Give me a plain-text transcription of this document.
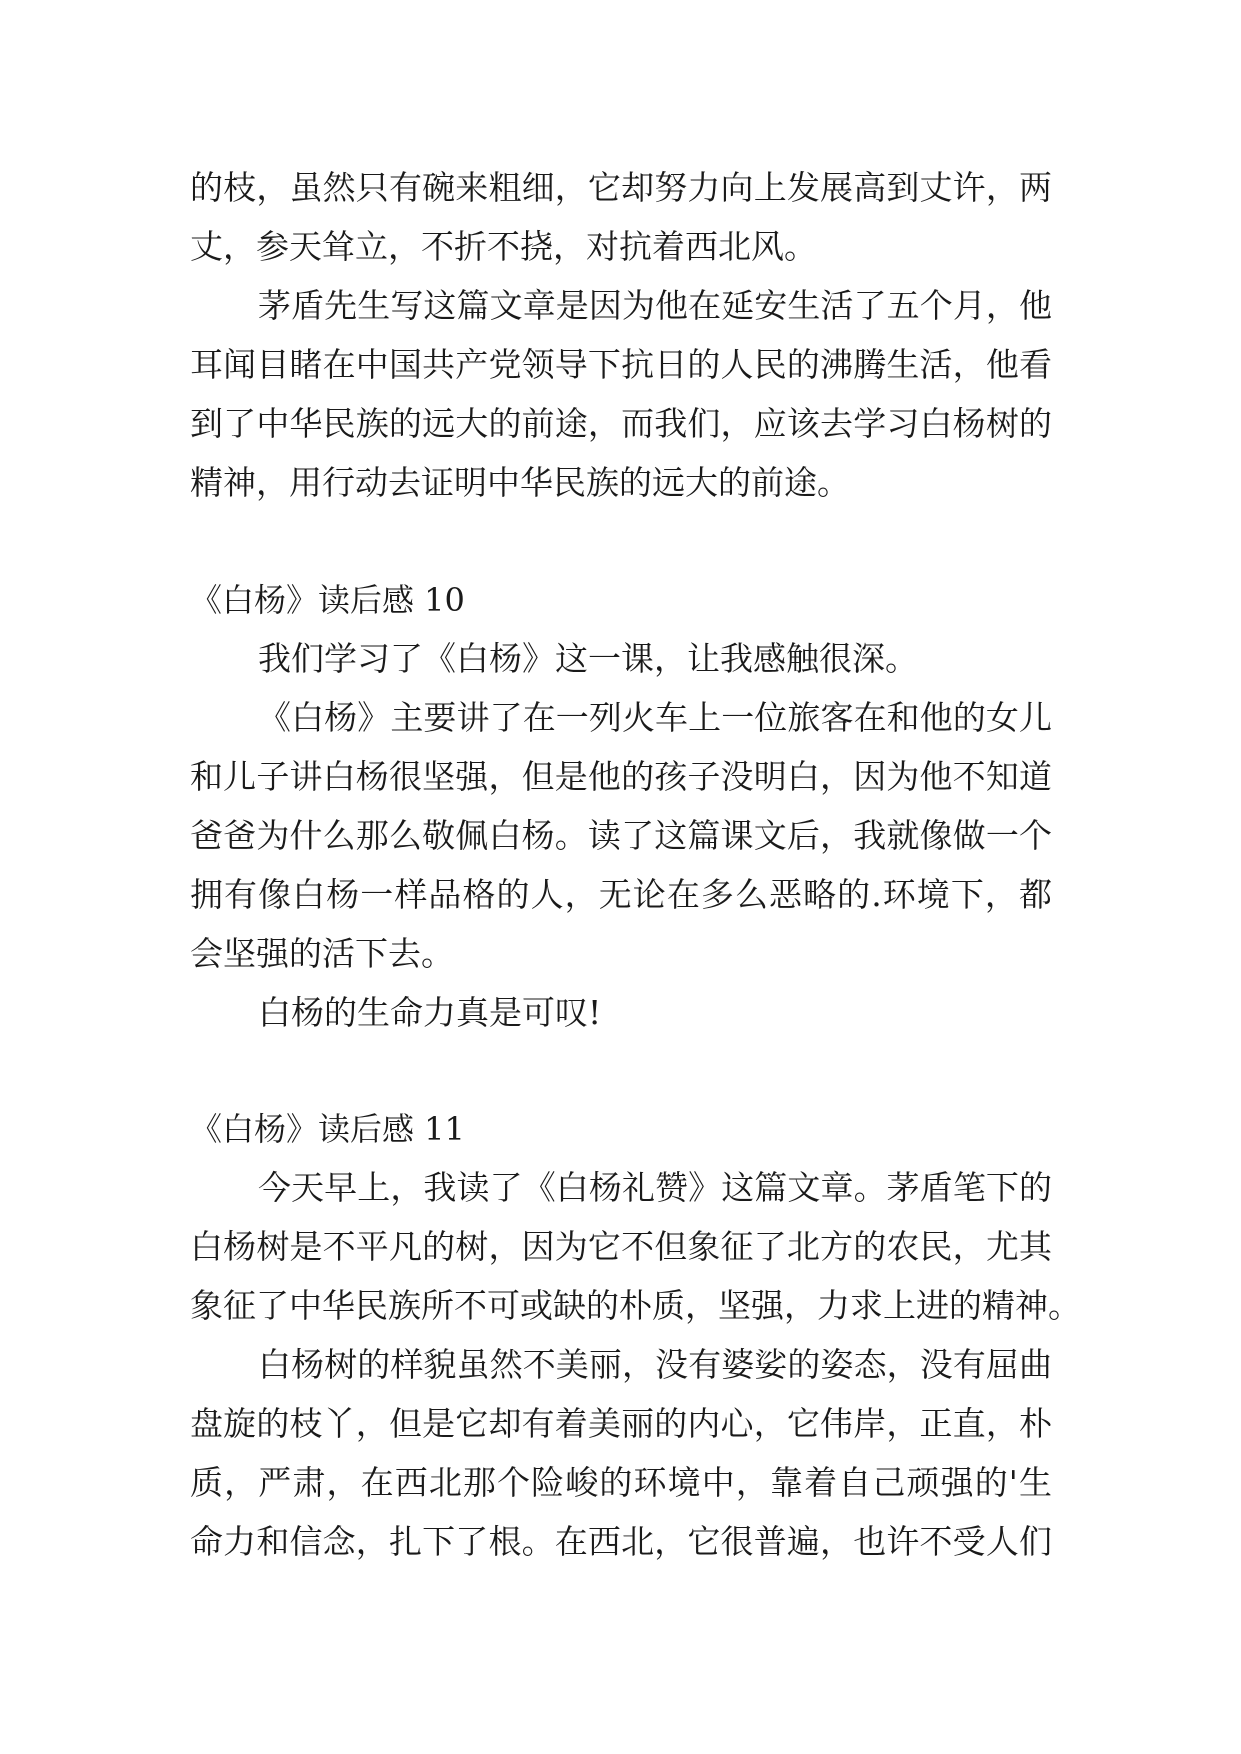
的枝，虽然只有碗来粗细，它却努力向上发展高到丈许，两
丈，参天耸立，不折不挠，对抗着西北风。
茅盾先生写这篇文章是因为他在延安生活了五个月，他
耳闻目睹在中国共产党领导下抗日的人民的沸腾生活，他看
到了中华民族的远大的前途，而我们，应该去学习白杨树的
精神，用行动去证明中华民族的远大的前途。
《白杨》读后感 10
我们学习了《白杨》这一课，让我感触很深。
《白杨》主要讲了在一列火车上一位旅客在和他的女儿
和儿子讲白杨很坚强，但是他的孩子没明白，因为他不知道
爸爸为什么那么敬佩白杨。读了这篇课文后，我就像做一个
拥有像白杨一样品格的人，无论在多么恶略的.环境下，都
会坚强的活下去。
白杨的生命力真是可叹!
《白杨》读后感 11
今天早上，我读了《白杨礼赞》这篇文章。茅盾笔下的
白杨树是不平凡的树，因为它不但象征了北方的农民，尤其
象征了中华民族所不可或缺的朴质，坚强，力求上进的精神。
白杨树的样貌虽然不美丽，没有婆娑的姿态，没有屈曲
盘旋的枝丫，但是它却有着美丽的内心，它伟岸，正直，朴
质，严肃，在西北那个险峻的环境中，靠着自己顽强的'生
命力和信念，扎下了根。在西北，它很普遍，也许不受人们
